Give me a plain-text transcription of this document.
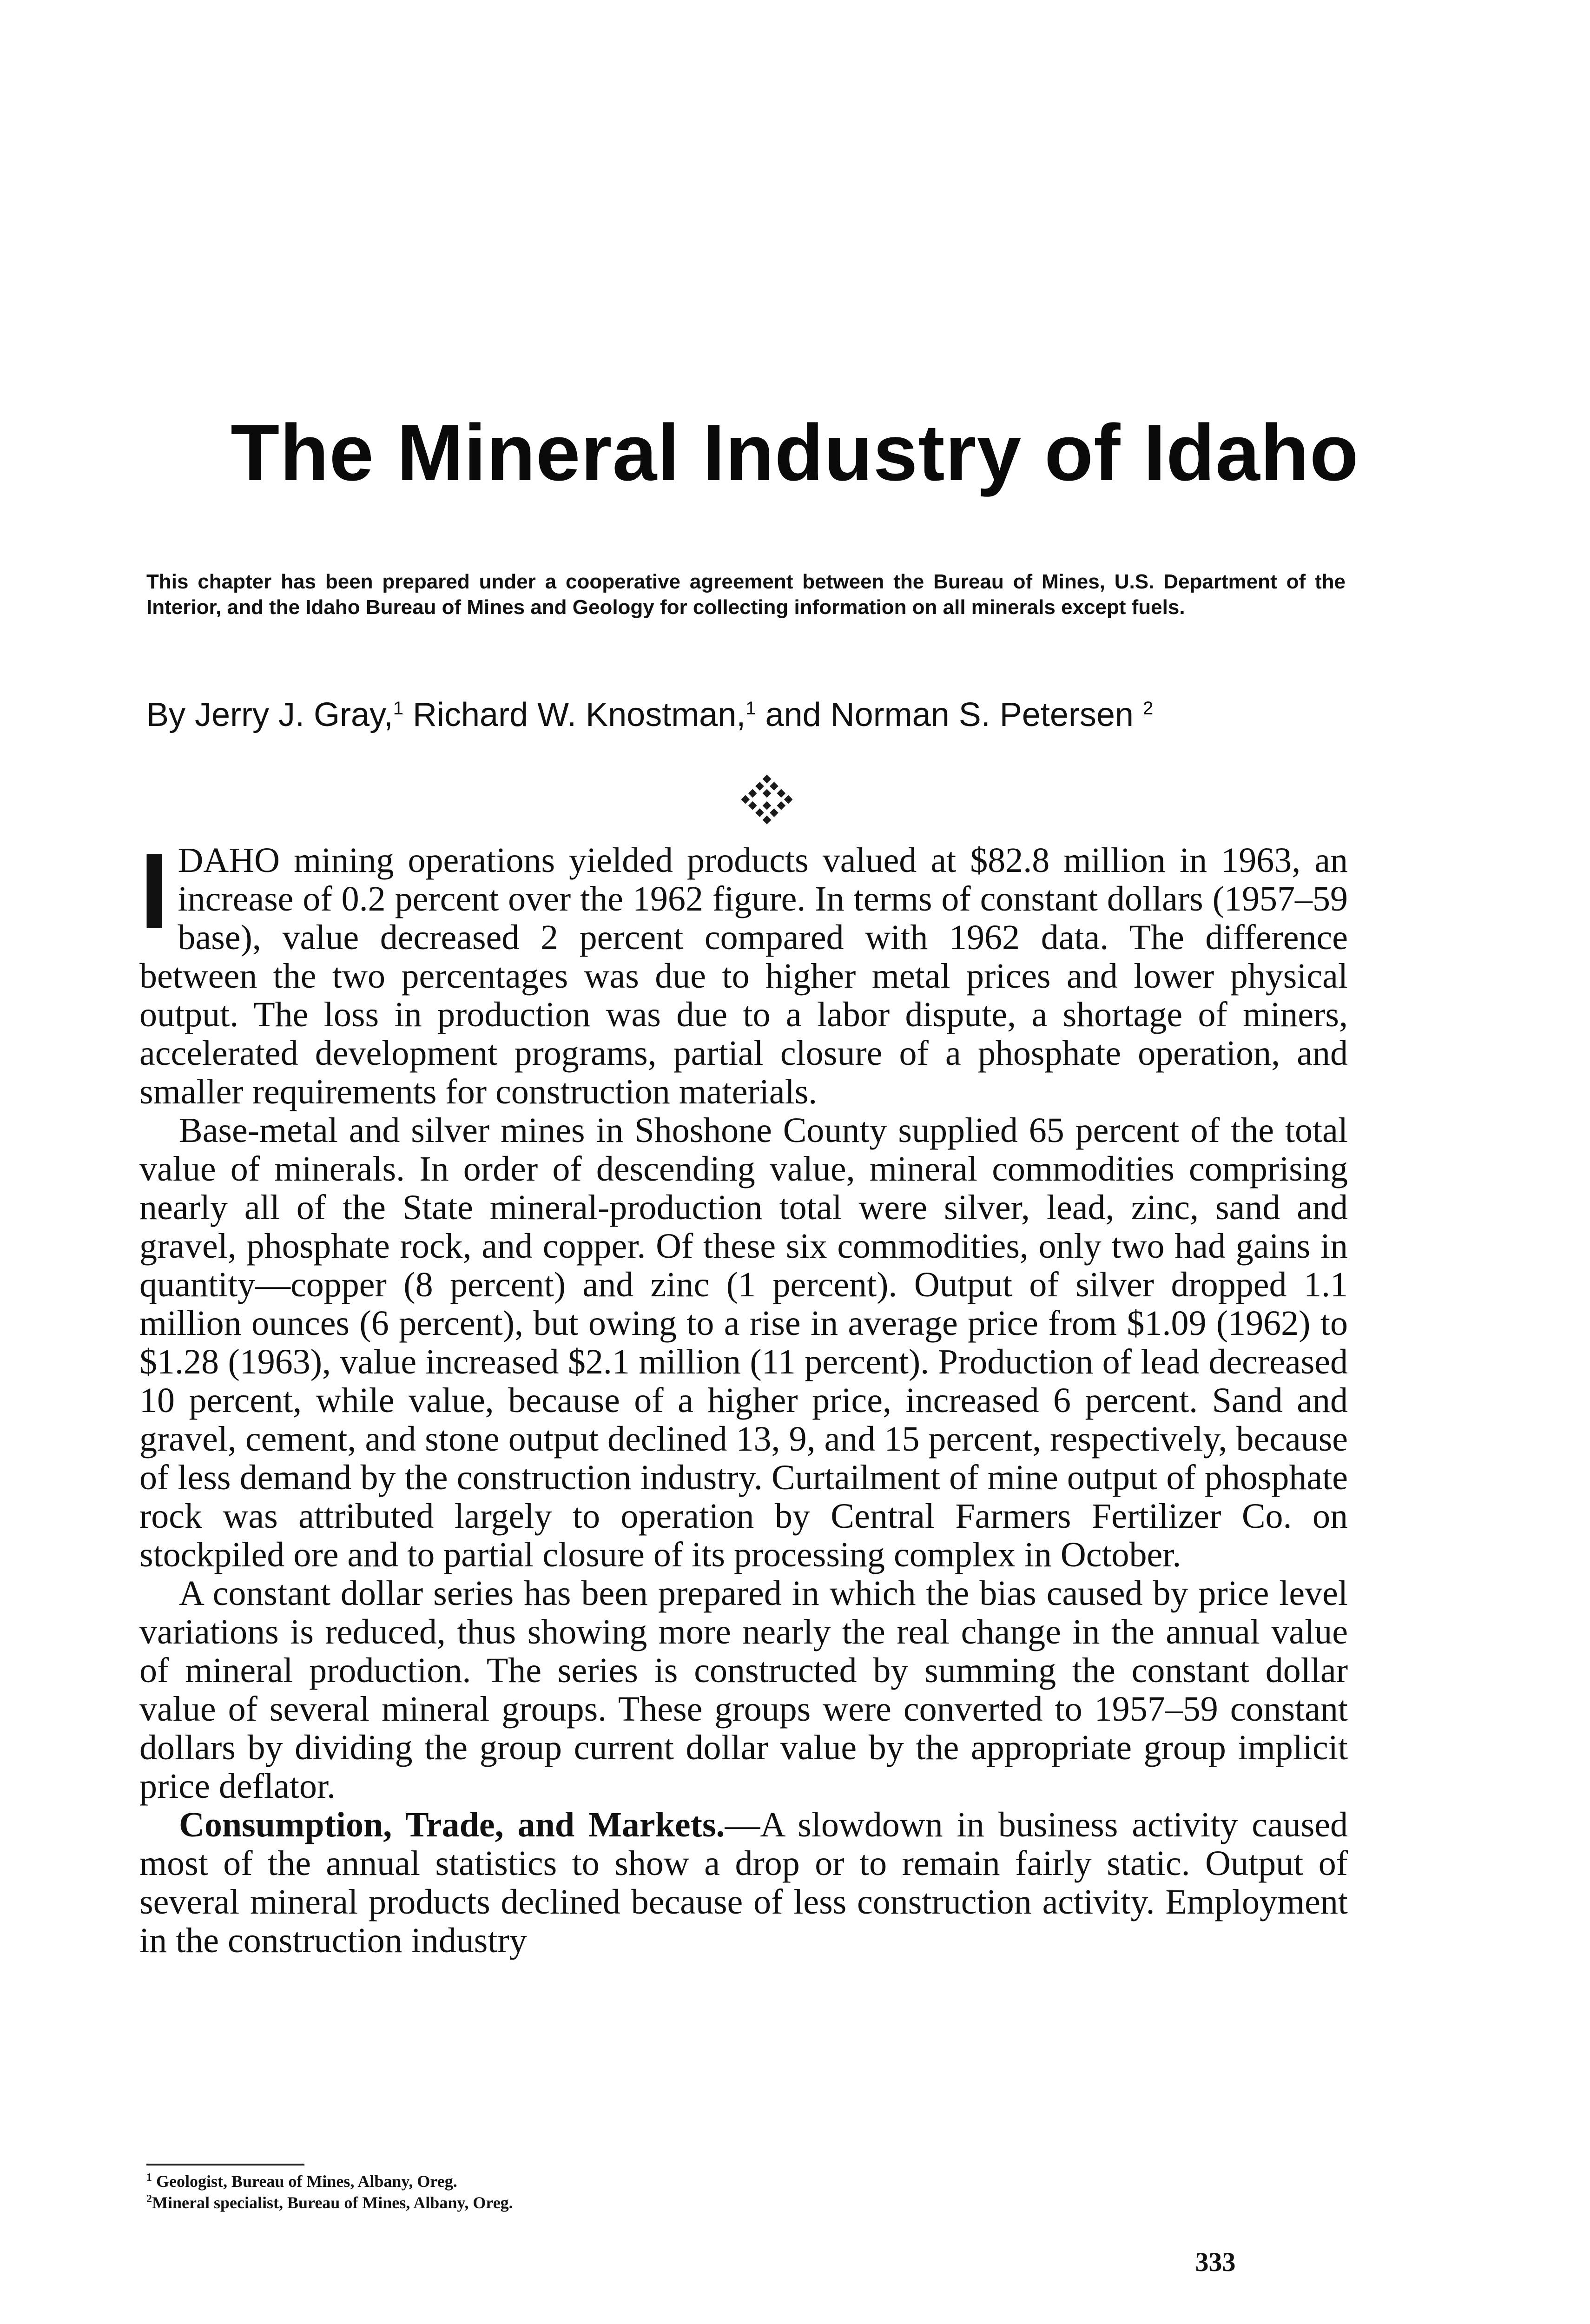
The Mineral Industry of Idaho

This chapter has been prepared under a cooperative agreement between the Bureau of Mines, U.S. Department of the Interior, and the Idaho Bureau of Mines and Geology for collecting information on all minerals except fuels.

By Jerry J. Gray,$^1$ Richard W. Knostman,$^1$ and Norman S. Petersen $^2$

IDAHO mining operations yielded products valued at $82.8 million in 1963, an increase of 0.2 percent over the 1962 figure. In terms of constant dollars (1957–59 base), value decreased 2 percent compared with 1962 data. The difference between the two percentages was due to higher metal prices and lower physical output. The loss in production was due to a labor dispute, a shortage of miners, accelerated development programs, partial closure of a phosphate operation, and smaller requirements for construction materials.

Base-metal and silver mines in Shoshone County supplied 65 percent of the total value of minerals. In order of descending value, mineral commodities comprising nearly all of the State mineral-production total were silver, lead, zinc, sand and gravel, phosphate rock, and copper. Of these six commodities, only two had gains in quantity—copper (8 percent) and zinc (1 percent). Output of silver dropped 1.1 million ounces (6 percent), but owing to a rise in average price from $1.09 (1962) to $1.28 (1963), value increased $2.1 million (11 percent). Production of lead decreased 10 percent, while value, because of a higher price, increased 6 percent. Sand and gravel, cement, and stone output declined 13, 9, and 15 percent, respectively, because of less demand by the construction industry. Curtailment of mine output of phosphate rock was attributed largely to operation by Central Farmers Fertilizer Co. on stockpiled ore and to partial closure of its processing complex in October.

A constant dollar series has been prepared in which the bias caused by price level variations is reduced, thus showing more nearly the real change in the annual value of mineral production. The series is constructed by summing the constant dollar value of several mineral groups. These groups were converted to 1957–59 constant dollars by dividing the group current dollar value by the appropriate group implicit price deflator.

Consumption, Trade, and Markets.—A slowdown in business activity caused most of the annual statistics to show a drop or to remain fairly static. Output of several mineral products declined because of less construction activity. Employment in the construction industry

$^1$ Geologist, Bureau of Mines, Albany, Oreg.
$^2$Mineral specialist, Bureau of Mines, Albany, Oreg.
333
